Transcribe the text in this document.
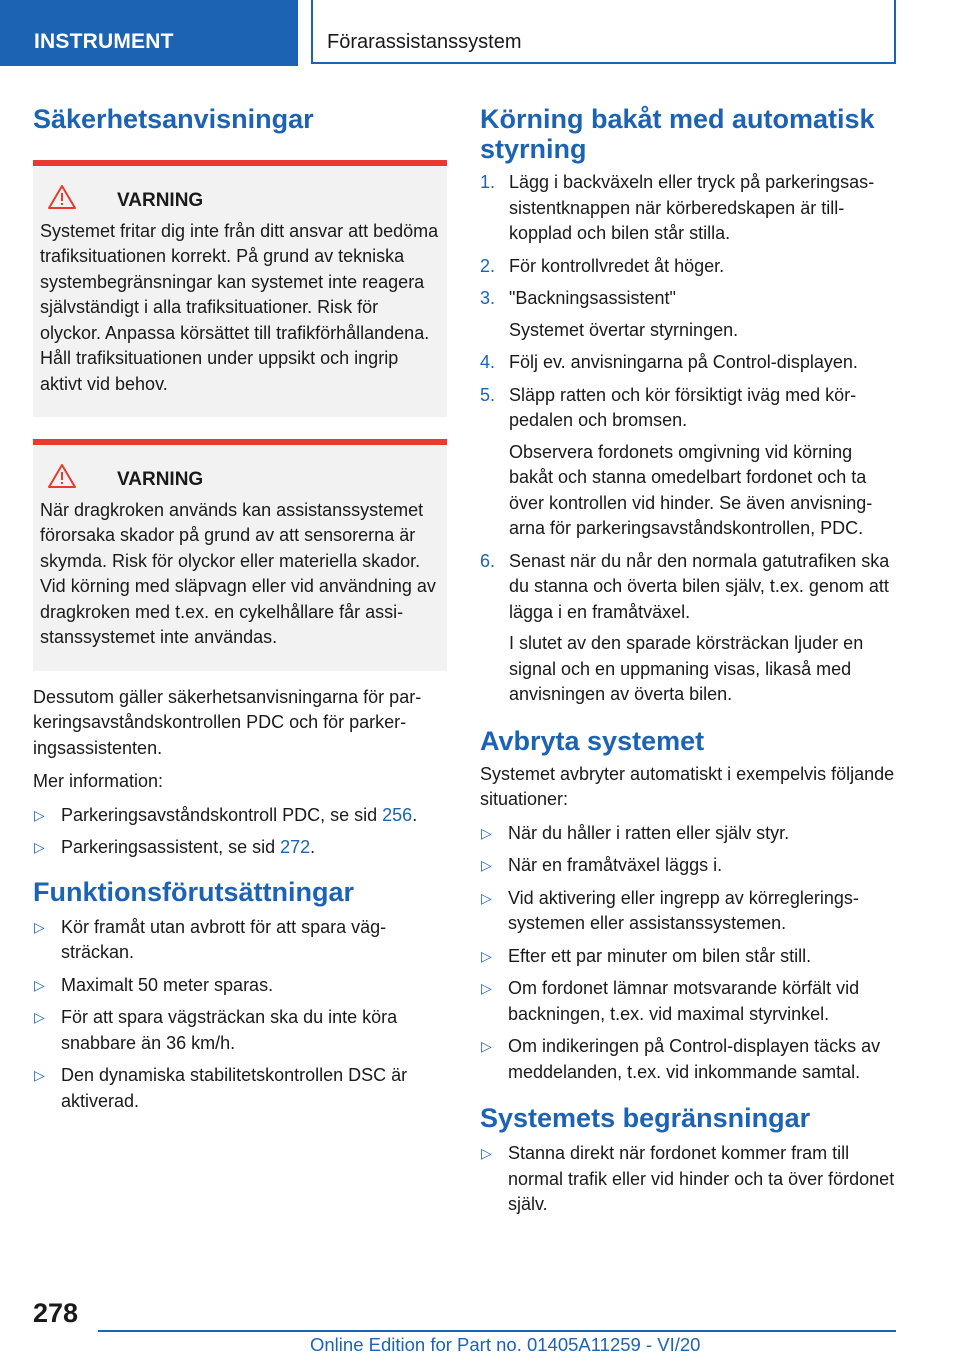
INSTRUMENT	Förarassistanssystem
Säkerhetsanvisningar
VARNING
Systemet fritar dig inte från ditt ansvar att bedöma trafiksituationen korrekt. På grund av tekniska systembegränsningar kan systemet inte reagera självständigt i alla trafiksituationer. Risk för olyckor. Anpassa körsättet till trafikförhållandena. Håll trafiksituationen under uppsikt och ingrip aktivt vid behov.
VARNING
När dragkroken används kan assistanssystemet förorsaka skador på grund av att sensorerna är skymda. Risk för olyckor eller materiella skador. Vid körning med släpvagn eller vid användning av dragkroken med t.ex. en cykelhållare får assistanssystemet inte användas.

Dessutom gäller säkerhetsanvisningarna för parkeringsavståndskontrollen PDC och för parkeringsassistenten.

Mer information:

▷ Parkeringsavståndskontroll PDC, se sid 256.
▷ Parkeringsassistent, se sid 272.
Funktionsförutsättningar
▷ Kör framåt utan avbrott för att spara vägsträckan.
▷ Maximalt 50 meter sparas.
▷ För att spara vägsträckan ska du inte köra snabbare än 36 km/h.
▷ Den dynamiska stabilitetskontrollen DSC är aktiverad.
Körning bakåt med automatisk styrning
1. Lägg i backväxeln eller tryck på parkeringsassistentknappen när körberedskapen är tillkopplad och bilen står stilla.
2. För kontrollvredet åt höger.
3. "Backningsassistent"
Systemet övertar styrningen.
4. Följ ev. anvisningarna på Control-displayen.
5. Släpp ratten och kör försiktigt iväg med körpedalen och bromsen.
Observera fordonets omgivning vid körning bakåt och stanna omedelbart fordonet och ta över kontrollen vid hinder. Se även anvisningarna för parkeringsavståndskontrollen, PDC.
6. Senast när du når den normala gatutrafiken ska du stanna och överta bilen själv, t.ex. genom att lägga i en framåtväxel.
I slutet av den sparade körsträckan ljuder en signal och en uppmaning visas, likaså med anvisningen av överta bilen.
Avbryta systemet

Systemet avbryter automatiskt i exempelvis följande situationer:

▷ När du håller i ratten eller själv styr.
▷ När en framåtväxel läggs i.
▷ Vid aktivering eller ingrepp av körregleringssystemen eller assistanssystemen.
▷ Efter ett par minuter om bilen står still.
▷ Om fordonet lämnar motsvarande körfält vid backningen, t.ex. vid maximal styrvinkel.
▷ Om indikeringen på Control-displayen täcks av meddelanden, t.ex. vid inkommande samtal.
Systemets begränsningar
▷ Stanna direkt när fordonet kommer fram till normal trafik eller vid hinder och ta över fördonet själv.
278
Online Edition for Part no. 01405A11259 - VI/20
